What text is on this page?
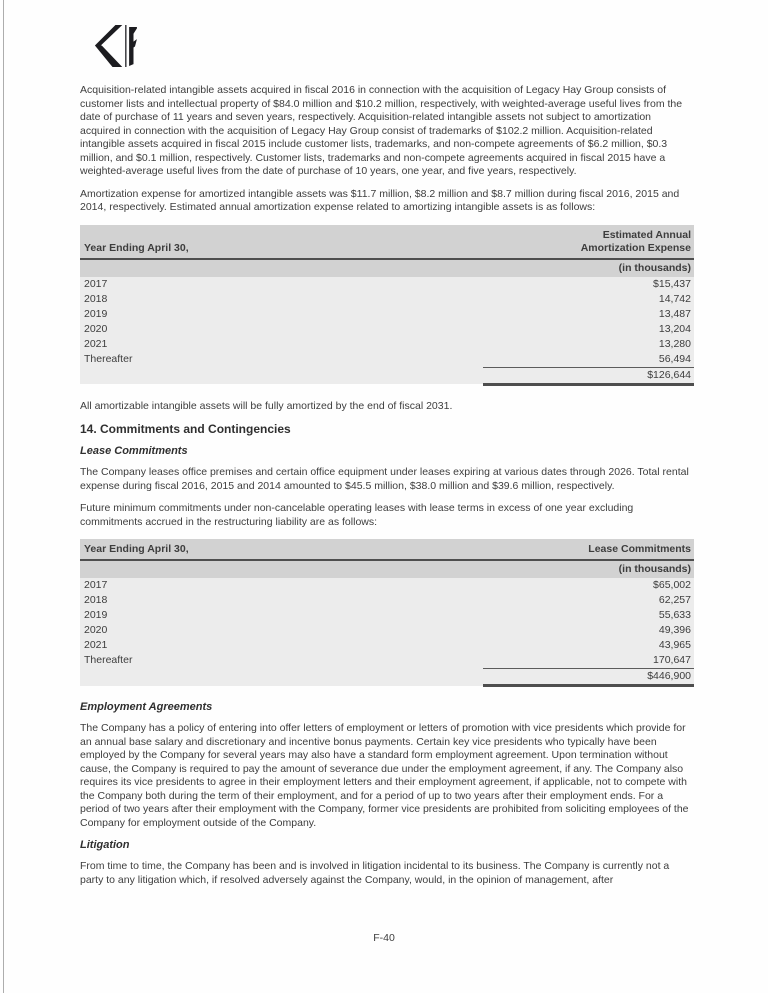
Acquisition-related intangible assets acquired in fiscal 2016 in connection with the acquisition of Legacy Hay Group consists of customer lists and intellectual property of $84.0 million and $10.2 million, respectively, with weighted-average useful lives from the date of purchase of 11 years and seven years, respectively. Acquisition-related intangible assets not subject to amortization acquired in connection with the acquisition of Legacy Hay Group consist of trademarks of $102.2 million. Acquisition-related intangible assets acquired in fiscal 2015 include customer lists, trademarks, and non-compete agreements of $6.2 million, $0.3 million, and $0.1 million, respectively. Customer lists, trademarks and non-compete agreements acquired in fiscal 2015 have a weighted-average useful lives from the date of purchase of 10 years, one year, and five years, respectively.

Amortization expense for amortized intangible assets was $11.7 million, $8.2 million and $8.7 million during fiscal 2016, 2015 and 2014, respectively. Estimated annual amortization expense related to amortizing intangible assets is as follows:

Year Ending April 30,	Estimated Annual Amortization Expense
(in thousands)	
2017	$15,437
2018	14,742
2019	13,487
2020	13,204
2021	13,280
Thereafter	56,494
	$126,644

All amortizable intangible assets will be fully amortized by the end of fiscal 2031.

14. Commitments and Contingencies
Lease Commitments

The Company leases office premises and certain office equipment under leases expiring at various dates through 2026. Total rental expense during fiscal 2016, 2015 and 2014 amounted to $45.5 million, $38.0 million and $39.6 million, respectively.

Future minimum commitments under non-cancelable operating leases with lease terms in excess of one year excluding commitments accrued in the restructuring liability are as follows:

Year Ending April 30,	Lease Commitments
(in thousands)	
2017	$65,002
2018	62,257
2019	55,633
2020	49,396
2021	43,965
Thereafter	170,647
	$446,900
Employment Agreements

The Company has a policy of entering into offer letters of employment or letters of promotion with vice presidents which provide for an annual base salary and discretionary and incentive bonus payments. Certain key vice presidents who typically have been employed by the Company for several years may also have a standard form employment agreement. Upon termination without cause, the Company is required to pay the amount of severance due under the employment agreement, if any. The Company also requires its vice presidents to agree in their employment letters and their employment agreement, if applicable, not to compete with the Company both during the term of their employment, and for a period of up to two years after their employment ends. For a period of two years after their employment with the Company, former vice presidents are prohibited from soliciting employees of the Company for employment outside of the Company.

Litigation

From time to time, the Company has been and is involved in litigation incidental to its business. The Company is currently not a party to any litigation which, if resolved adversely against the Company, would, in the opinion of management, after

F-40
